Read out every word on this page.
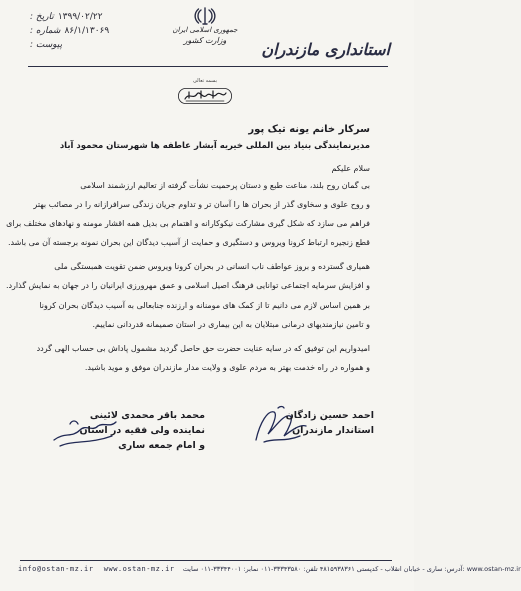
تاریخ : ۱۳۹۹/۰۲/۲۲
شماره : ۸۶/۱/۱۳۰۶۹
پیوست :
جمهوری اسلامی ایران
وزارت کشور	استانداری مازندران
بسمه تعالی
سرکار خانم یونه تیک پور
مدیرنمایندگی بنیاد بین المللی خیریه آبشار عاطفه ها شهرستان محمود آباد
سلام علیکم
بی گمان روح بلند، مناعت طبع و دستان پرحمیت نشأت گرفته از تعالیم ارزشمند اسلامی
و روح علوی و سخاوی گذر از بحران ها را آسان تر و تداوم جریان زندگی سرافرازانه را در مصائب بهتر
فراهم می سازد که شکل گیری مشارکت نیکوکارانه و اهتمام بی بدیل همه اقشار مومنه و نهادهای مختلف برای
قطع زنجیره ارتباط کرونا ویروس و دستگیری و حمایت از آسیب دیدگان این بحران نمونه برجسته آن می باشد.
همیاری گسترده و بروز عواطف ناب انسانی در بحران کرونا ویروس ضمن تقویت همبستگی ملی
و افزایش سرمایه اجتماعی توانایی فرهنگ اصیل اسلامی و عمق مهرورزی ایرانیان را در جهان به نمایش گذارد.
بر همین اساس لازم می دانیم تا از کمک های مومنانه و ارزنده جنابعالی به آسیب دیدگان بحران کرونا
و تامین نیازمندیهای درمانی مبتلایان به این بیماری در استان صمیمانه قدردانی نماییم.
امیدواریم این توفیق که در سایه عنایت حضرت حق حاصل گردید مشمول پاداش بی حساب الهی گردد
و همواره در راه خدمت بهتر به مردم علوی و ولایت مدار مازندران موفق و موید باشید.
احمد حسین زادگان
استاندار مازندران
محمد باقر محمدی لائینی
نماینده ولی فقیه در استان
و امام جمعه ساری
info@ostan-mz.ir www.ostan-mz.ir آدرس: ساری - خیابان انقلاب - کدپستی ۴۸۱۵۹۳۸۳۶۱ تلفن: ۳۳۳۴۳۵۸۰-۰۱۱ نمابر: ۳۳۳۴۴۰۰۱-۰۱۱ سایت: www.ostan-mz.ir
